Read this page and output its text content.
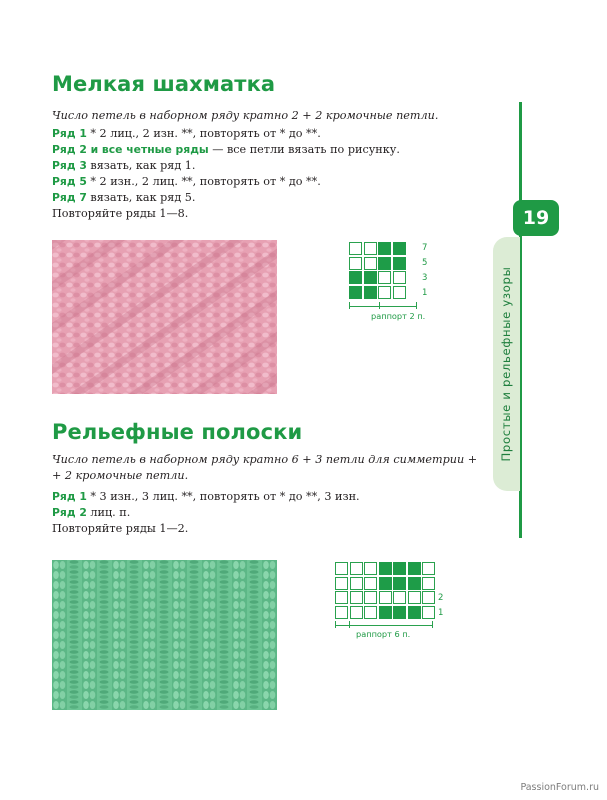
Мелкая шахматка

Число петель в наборном ряду кратно 2 + 2 кромочные петли.

Ряд 1 * 2 лиц., 2 изн. **, повторять от * до **.

Ряд 2 и все четные ряды — все петли вязать по рисунку.

Ряд 3 вязать, как ряд 1.

Ряд 5 * 2 изн., 2 лиц. **, повторять от * до **.

Ряд 7 вязать, как ряд 5.

Повторяйте ряды 1—8.

7
5
3
1
раппорт 2 п.
Рельефные полоски

Число петель в наборном ряду кратно 6 + 3 петли для симметрии + + 2 кромочные петли.

Ряд 1 * 3 изн., 3 лиц. **, повторять от * до **, 3 изн.

Ряд 2 лиц. п.

Повторяйте ряды 1—2.

2
1
раппорт 6 п.
Простые и рельефные узоры
19
PassionForum.ru
